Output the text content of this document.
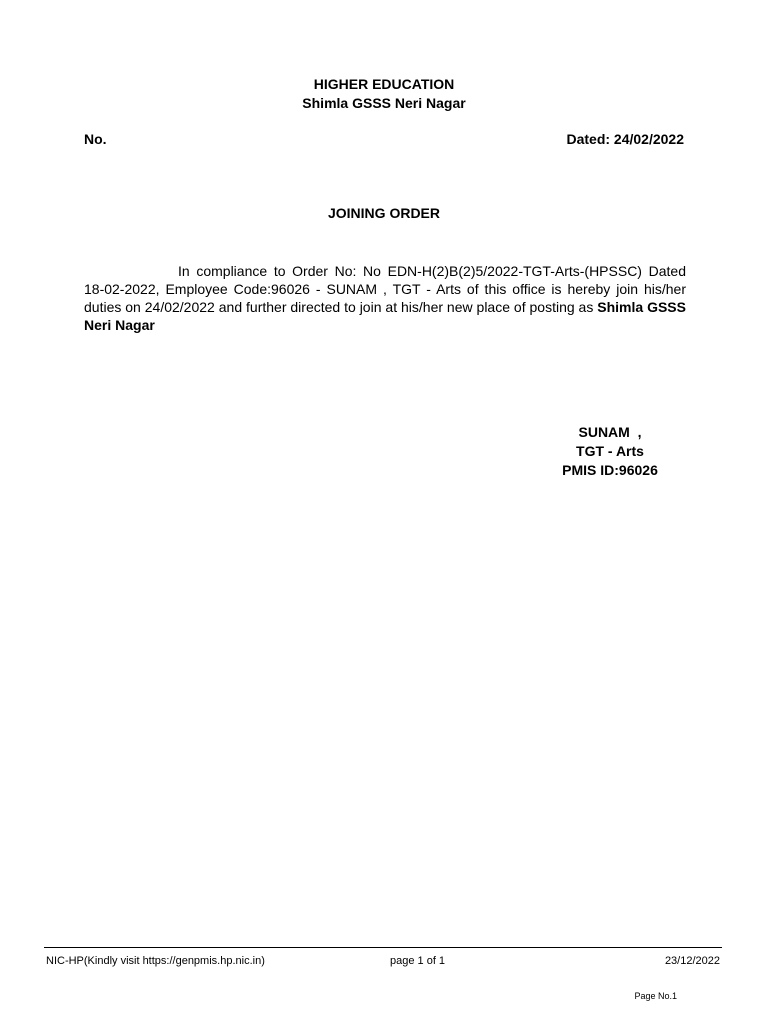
HIGHER EDUCATION
Shimla GSSS Neri Nagar
No.	Dated: 24/02/2022
JOINING ORDER
In compliance to Order No: No EDN-H(2)B(2)5/2022-TGT-Arts-(HPSSC) Dated 18-02-2022, Employee Code:96026 - SUNAM , TGT - Arts of this office is hereby join his/her duties on 24/02/2022 and further directed to join at his/her new place of posting as Shimla GSSS Neri Nagar
SUNAM  ,
TGT - Arts
PMIS ID:96026
NIC-HP(Kindly visit https://genpmis.hp.nic.in)	page 1 of 1	23/12/2022
Page No.1
